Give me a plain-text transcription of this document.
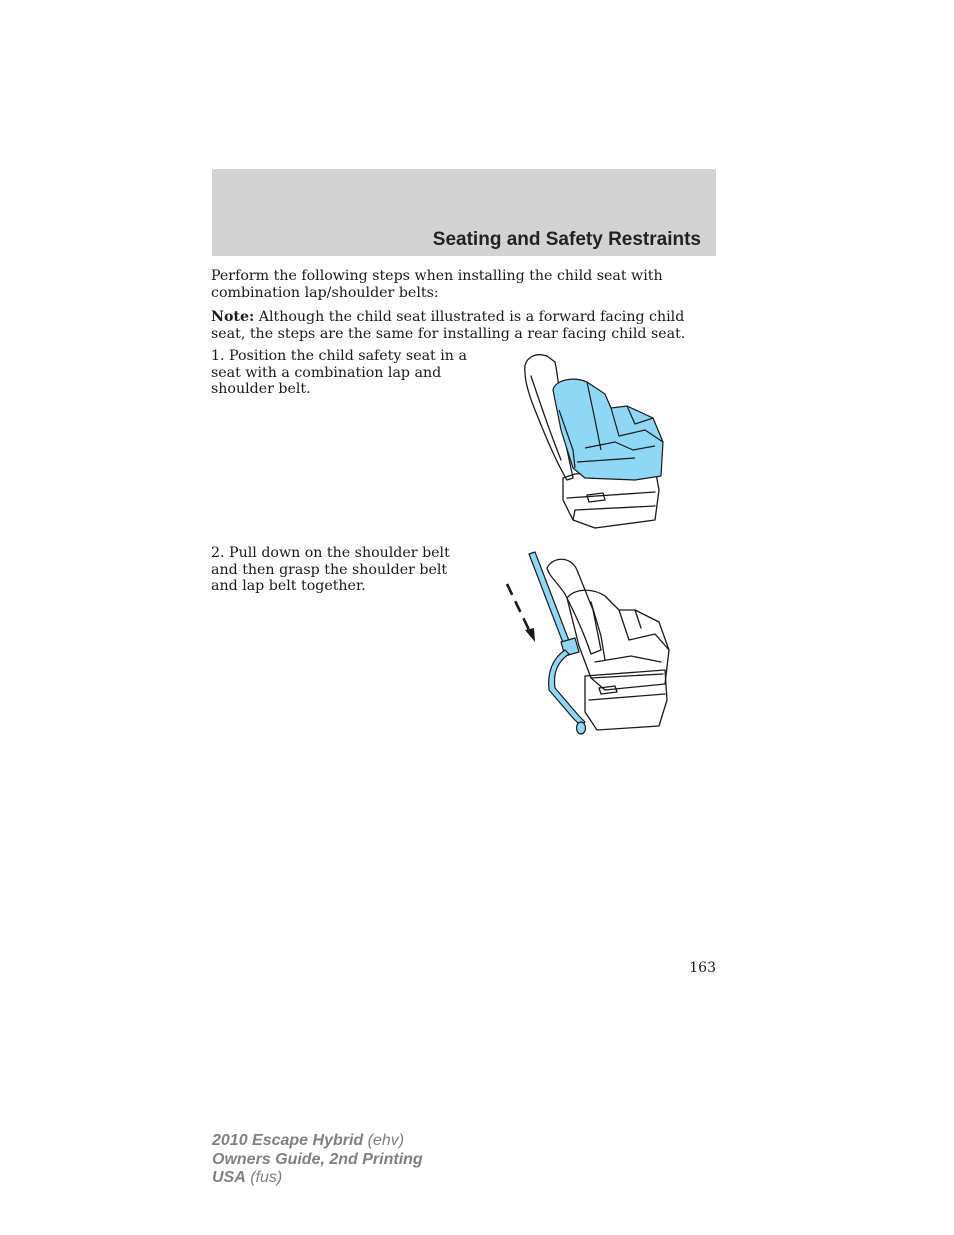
Seating and Safety Restraints
Perform the following steps when installing the child seat with combination lap/shoulder belts:
Note: Although the child seat illustrated is a forward facing child seat, the steps are the same for installing a rear facing child seat.
1. Position the child safety seat in a seat with a combination lap and shoulder belt.
2. Pull down on the shoulder belt and then grasp the shoulder belt and lap belt together.
163
2010 Escape Hybrid (ehv)
Owners Guide, 2nd Printing
USA (fus)
